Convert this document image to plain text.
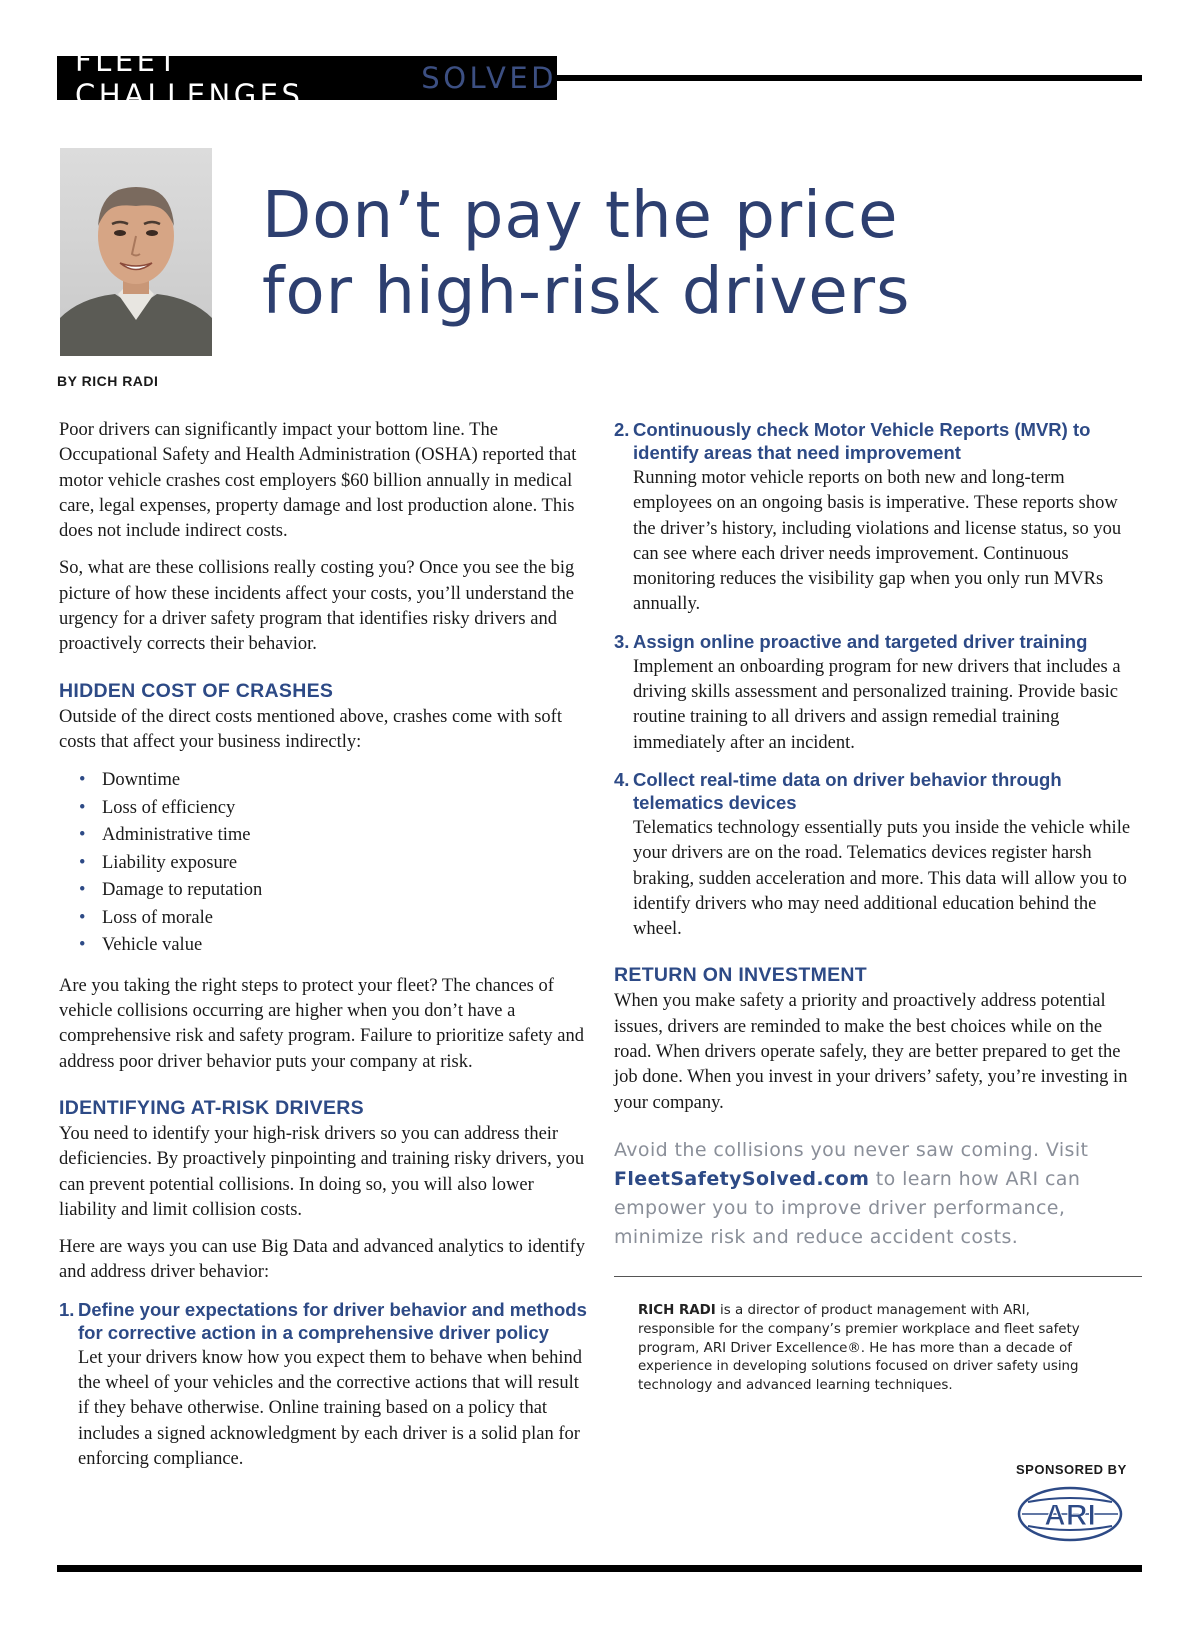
FLEET CHALLENGES	SOLVED
Don’t pay the price
for high-risk drivers
BY RICH RADI

Poor drivers can significantly impact your bottom line. The Occupational Safety and Health Administration (OSHA) reported that motor vehicle crashes cost employers $60 billion annually in medical care, legal expenses, property damage and lost production alone. This does not include indirect costs.

So, what are these collisions really costing you? Once you see the big picture of how these incidents affect your costs, you’ll understand the urgency for a driver safety program that identifies risky drivers and proactively corrects their behavior.

HIDDEN COST OF CRASHES

Outside of the direct costs mentioned above, crashes come with soft costs that affect your business indirectly:

• Downtime
• Loss of efficiency
• Administrative time
• Liability exposure
• Damage to reputation
• Loss of morale
• Vehicle value

Are you taking the right steps to protect your fleet? The chances of vehicle collisions occurring are higher when you don’t have a comprehensive risk and safety program. Failure to prioritize safety and address poor driver behavior puts your company at risk.

IDENTIFYING AT-RISK DRIVERS

You need to identify your high-risk drivers so you can address their deficiencies. By proactively pinpointing and training risky drivers, you can prevent potential collisions. In doing so, you will also lower liability and limit collision costs.

Here are ways you can use Big Data and advanced analytics to identify and address driver behavior:

1. Define your expectations for driver behavior and methods for corrective action in a comprehensive driver policy

Let your drivers know how you expect them to behave when behind the wheel of your vehicles and the corrective actions that will result if they behave otherwise. Online training based on a policy that includes a signed acknowledgment by each driver is a solid plan for enforcing compliance.

2. Continuously check Motor Vehicle Reports (MVR) to identify areas that need improvement

Running motor vehicle reports on both new and long-term employees on an ongoing basis is imperative. These reports show the driver’s history, including violations and license status, so you can see where each driver needs improvement. Continuous monitoring reduces the visibility gap when you only run MVRs annually.

3. Assign online proactive and targeted driver training

Implement an onboarding program for new drivers that includes a driving skills assessment and personalized training. Provide basic routine training to all drivers and assign remedial training immediately after an incident.

4. Collect real-time data on driver behavior through telematics devices

Telematics technology essentially puts you inside the vehicle while your drivers are on the road. Telematics devices register harsh braking, sudden acceleration and more. This data will allow you to identify drivers who may need additional education behind the wheel.

RETURN ON INVESTMENT

When you make safety a priority and proactively address potential issues, drivers are reminded to make the best choices while on the road. When drivers operate safely, they are better prepared to get the job done. When you invest in your drivers’ safety, you’re investing in your company.

Avoid the collisions you never saw coming. Visit FleetSafetySolved.com to learn how ARI can empower you to improve driver performance, minimize risk and reduce accident costs.

RICH RADI is a director of product management with ARI, responsible for the company’s premier workplace and fleet safety program, ARI Driver Excellence®. He has more than a decade of experience in developing solutions focused on driver safety using technology and advanced learning techniques.

SPONSORED BY
ARI
